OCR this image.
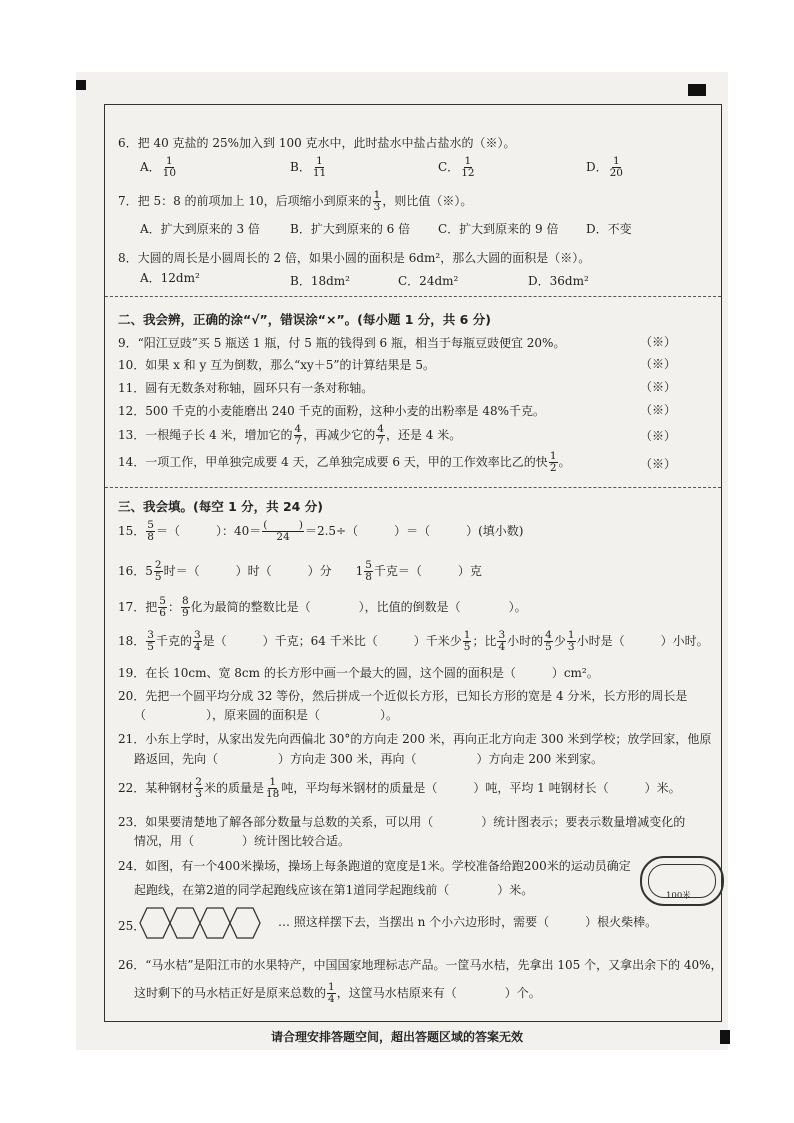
6．把 40 克盐的 25%加入到 100 克水中，此时盐水中盐占盐水的（※）。
A． $\frac{1}{10}$	B． $\frac{1}{11}$	C． $\frac{1}{12}$	D． $\frac{1}{20}$
7．把 5：8 的前项加上 10，后项缩小到原来的 $\frac{1}{3}$ ，则比值（※）。
A．扩大到原来的 3 倍	B．扩大到原来的 6 倍 C．扩大到原来的 9 倍 D．不变
8．大圆的周长是小圆周长的 2 倍，如果小圆的面积是 6dm²，那么大圆的面积是（※）。
A．12dm²	B．18dm²	C．24dm²	D．36dm²
二、我会辨，正确的涂“√”，错误涂“×”。(每小题 1 分，共 6 分)
9．“阳江豆豉”买 5 瓶送 1 瓶，付 5 瓶的钱得到 6 瓶，相当于每瓶豆豉便宜 20%。	（※）
10．如果 x 和 y 互为倒数，那么“xy＋5”的计算结果是 5。	（※）
11．圆有无数条对称轴，圆环只有一条对称轴。	（※）
12．500 千克的小麦能磨出 240 千克的面粉，这种小麦的出粉率是 48%千克。	（※）
13．一根绳子长 4 米，增加它的 $\frac{4}{7}$ ，再减少它的 $\frac{4}{7}$ ，还是 4 米。	（※）
14．一项工作，甲单独完成要 4 天，乙单独完成要 6 天，甲的工作效率比乙的快 $\frac{1}{2}$ 。	（※）
三、我会填。(每空 1 分，共 24 分)
15． $\frac{5}{8}$ ＝（　　　）：$40= \frac{( )}{24} =2.5\div$（　　　）＝（　　　）(填小数)
16．$5 \frac{2}{5}$ 时＝（　　　）时（　　　）分　　$1 \frac{5}{8}$ 千克＝（　　　）克
17．把 $\frac{5}{6}$ ： $\frac{8}{9}$ 化为最简的整数比是（　　　　），比值的倒数是（　　　　）。
18． $\frac{3}{5}$ 千克的 $\frac{3}{4}$ 是（　　　）千克；64 千米比（　　　）千米少 $\frac{1}{5}$ ；比 $\frac{3}{4}$ 小时的 $\frac{4}{5}$ 少 $\frac{1}{3}$ 小时是（　　　）小时。
19．在长 10cm、宽 8cm 的长方形中画一个最大的圆，这个圆的面积是（　　　）cm²。
20．先把一个圆平均分成 32 等份，然后拼成一个近似长方形，已知长方形的宽是 4 分米，长方形的周长是
（　　　　　），原来圆的面积是（　　　　　）。
21．小东上学时，从家出发先向西偏北 30°的方向走 200 米，再向正北方向走 300 米到学校；放学回家，他原
路返回，先向（　　　　　）方向走 300 米，再向（　　　　　）方向走 200 米到家。
22．某种钢材 $\frac{2}{3}$ 米的质量是 $\frac{1}{18}$ 吨，平均每米钢材的质量是（　　　）吨，平均 1 吨钢材长（　　　）米。
23．如果要清楚地了解各部分数量与总数的关系，可以用（　　　　）统计图表示；要表示数量增减变化的
情况，用（　　　　）统计图比较合适。
24．如图，有一个400米操场，操场上每条跑道的宽度是1米。学校准备给跑200米的运动员确定
起跑线，在第2道的同学起跑线应该在第1道同学起跑线前（　　　　）米。	100米
25．	… 照这样摆下去，当摆出 n 个小六边形时，需要（　　　）根火柴棒。
26．“马水桔”是阳江市的水果特产，中国国家地理标志产品。一筐马水桔，先拿出 105 个，又拿出余下的 40%，
这时剩下的马水桔正好是原来总数的 $\frac{1}{4}$ ，这筐马水桔原来有（　　　　）个。
请合理安排答题空间，超出答题区域的答案无效
